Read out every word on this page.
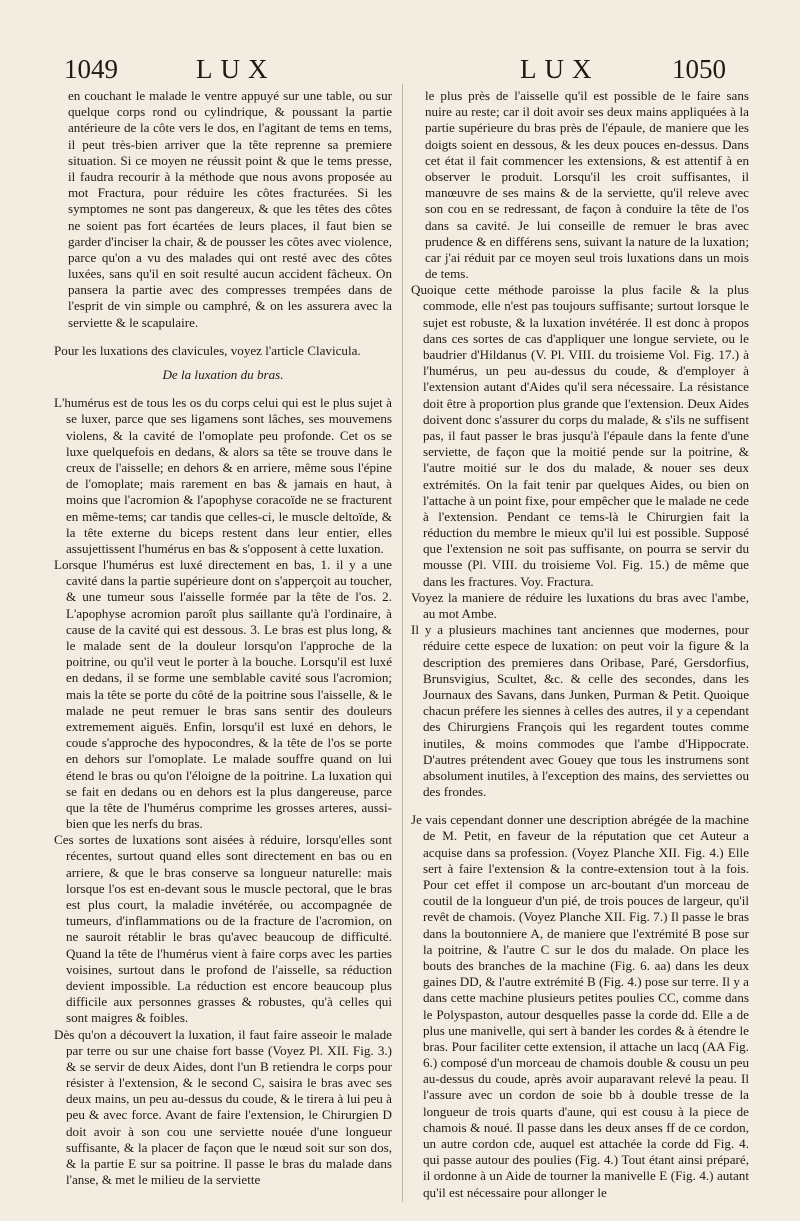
1049	LUX	LUX	1050

en couchant le malade le ventre appuyé sur une table, ou sur quelque corps rond ou cylindrique, & poussant la partie antérieure de la côte vers le dos, en l'agitant de tems en tems, il peut très-bien arriver que la tête reprenne sa premiere situation. Si ce moyen ne réussit point & que le tems presse, il faudra recourir à la méthode que nous avons proposée au mot Fractura, pour réduire les côtes fracturées. Si les symptomes ne sont pas dangereux, & que les têtes des côtes ne soient pas fort écartées de leurs places, il faut bien se garder d'inciser la chair, & de pousser les côtes avec violence, parce qu'on a vu des malades qui ont resté avec des côtes luxées, sans qu'il en soit resulté aucun accident fâcheux. On pansera la partie avec des compresses trempées dans de l'esprit de vin simple ou camphré, & on les assurera avec la serviette & le scapulaire.

Pour les luxations des clavicules, voyez l'article Clavicula.

De la luxation du bras.

L'humérus est de tous les os du corps celui qui est le plus sujet à se luxer, parce que ses ligamens sont lâches, ses mouvemens violens, & la cavité de l'omoplate peu profonde. Cet os se luxe quelquefois en dedans, & alors sa tête se trouve dans le creux de l'aisselle; en dehors & en arriere, même sous l'épine de l'omoplate; mais rarement en bas & jamais en haut, à moins que l'acromion & l'apophyse coracoïde ne se fracturent en même-tems; car tandis que celles-ci, le muscle deltoïde, & la tête externe du biceps restent dans leur entier, elles assujettissent l'humérus en bas & s'opposent à cette luxation.

Lorsque l'humérus est luxé directement en bas, 1. il y a une cavité dans la partie supérieure dont on s'apperçoit au toucher, & une tumeur sous l'aisselle formée par la tête de l'os. 2. L'apophyse acromion paroît plus saillante qu'à l'ordinaire, à cause de la cavité qui est dessous. 3. Le bras est plus long, & le malade sent de la douleur lorsqu'on l'approche de la poitrine, ou qu'il veut le porter à la bouche. Lorsqu'il est luxé en dedans, il se forme une semblable cavité sous l'acromion; mais la tête se porte du côté de la poitrine sous l'aisselle, & le malade ne peut remuer le bras sans sentir des douleurs extremement aiguës. Enfin, lorsqu'il est luxé en dehors, le coude s'approche des hypocondres, & la tête de l'os se porte en dehors sur l'omoplate. Le malade souffre quand on lui étend le bras ou qu'on l'éloigne de la poitrine. La luxation qui se fait en dedans ou en dehors est la plus dangereuse, parce que la tête de l'humérus comprime les grosses arteres, aussi-bien que les nerfs du bras.

Ces sortes de luxations sont aisées à réduire, lorsqu'elles sont récentes, surtout quand elles sont directement en bas ou en arriere, & que le bras conserve sa longueur naturelle: mais lorsque l'os est en-devant sous le muscle pectoral, que le bras est plus court, la maladie invétérée, ou accompagnée de tumeurs, d'inflammations ou de la fracture de l'acromion, on ne sauroit rétablir le bras qu'avec beaucoup de difficulté. Quand la tête de l'humérus vient à faire corps avec les parties voisines, surtout dans le profond de l'aisselle, sa réduction devient impossible. La réduction est encore beaucoup plus difficile aux personnes grasses & robustes, qu'à celles qui sont maigres & foibles.

Dès qu'on a découvert la luxation, il faut faire asseoir le malade par terre ou sur une chaise fort basse (Voyez Pl. XII. Fig. 3.) & se servir de deux Aides, dont l'un B retiendra le corps pour résister à l'extension, & le second C, saisira le bras avec ses deux mains, un peu au-dessus du coude, & le tirera à lui peu à peu & avec force. Avant de faire l'extension, le Chirurgien D doit avoir à son cou une serviette nouée d'une longueur suffisante, & la placer de façon que le nœud soit sur son dos, & la partie E sur sa poitrine. Il passe le bras du malade dans l'anse, & met le milieu de la serviette

le plus près de l'aisselle qu'il est possible de le faire sans nuire au reste; car il doit avoir ses deux mains appliquées à la partie supérieure du bras près de l'épaule, de maniere que les doigts soient en dessous, & les deux pouces en-dessus. Dans cet état il fait commencer les extensions, & est attentif à en observer le produit. Lorsqu'il les croit suffisantes, il manœuvre de ses mains & de la serviette, qu'il releve avec son cou en se redressant, de façon à conduire la tête de l'os dans sa cavité. Je lui conseille de remuer le bras avec prudence & en différens sens, suivant la nature de la luxation; car j'ai réduit par ce moyen seul trois luxations dans un mois de tems.

Quoique cette méthode paroisse la plus facile & la plus commode, elle n'est pas toujours suffisante; surtout lorsque le sujet est robuste, & la luxation invétérée. Il est donc à propos dans ces sortes de cas d'appliquer une longue serviete, ou le baudrier d'Hildanus (V. Pl. VIII. du troisieme Vol. Fig. 17.) à l'humérus, un peu au-dessus du coude, & d'employer à l'extension autant d'Aides qu'il sera nécessaire. La résistance doit être à proportion plus grande que l'extension. Deux Aides doivent donc s'assurer du corps du malade, & s'ils ne suffisent pas, il faut passer le bras jusqu'à l'épaule dans la fente d'une serviette, de façon que la moitié pende sur la poitrine, & l'autre moitié sur le dos du malade, & nouer ses deux extrémités. On la fait tenir par quelques Aides, ou bien on l'attache à un point fixe, pour empêcher que le malade ne cede à l'extension. Pendant ce tems-là le Chirurgien fait la réduction du membre le mieux qu'il lui est possible. Supposé que l'extension ne soit pas suffisante, on pourra se servir du mousse (Pl. VIII. du troisieme Vol. Fig. 15.) de même que dans les fractures. Voy. Fractura.

Voyez la maniere de réduire les luxations du bras avec l'ambe, au mot Ambe.

Il y a plusieurs machines tant anciennes que modernes, pour réduire cette espece de luxation: on peut voir la figure & la description des premieres dans Oribase, Paré, Gersdorfius, Brunsvigius, Scultet, &c. & celle des secondes, dans les Journaux des Savans, dans Junken, Purman & Petit. Quoique chacun préfere les siennes à celles des autres, il y a cependant des Chirurgiens François qui les regardent toutes comme inutiles, & moins commodes que l'ambe d'Hippocrate. D'autres prétendent avec Gouey que tous les instrumens sont absolument inutiles, à l'exception des mains, des serviettes ou des frondes.

Je vais cependant donner une description abrégée de la machine de M. Petit, en faveur de la réputation que cet Auteur a acquise dans sa profession. (Voyez Planche XII. Fig. 4.) Elle sert à faire l'extension & la contre-extension tout à la fois. Pour cet effet il compose un arc-boutant d'un morceau de coutil de la longueur d'un pié, de trois pouces de largeur, qu'il revêt de chamois. (Voyez Planche XII. Fig. 7.) Il passe le bras dans la boutonniere A, de maniere que l'extrémité B pose sur la poitrine, & l'autre C sur le dos du malade. On place les bouts des branches de la machine (Fig. 6. aa) dans les deux gaines DD, & l'autre extrémité B (Fig. 4.) pose sur terre. Il y a dans cette machine plusieurs petites poulies CC, comme dans le Polyspaston, autour desquelles passe la corde dd. Elle a de plus une manivelle, qui sert à bander les cordes & à étendre le bras. Pour faciliter cette extension, il attache un lacq (AA Fig. 6.) composé d'un morceau de chamois double & cousu un peu au-dessus du coude, après avoir auparavant relevé la peau. Il l'assure avec un cordon de soie bb à double tresse de la longueur de trois quarts d'aune, qui est cousu à la piece de chamois & noué. Il passe dans les deux anses ff de ce cordon, un autre cordon cde, auquel est attachée la corde dd Fig. 4. qui passe autour des poulies (Fig. 4.) Tout étant ainsi préparé, il ordonne à un Aide de tourner la manivelle E (Fig. 4.) autant qu'il est nécessaire pour allonger le
